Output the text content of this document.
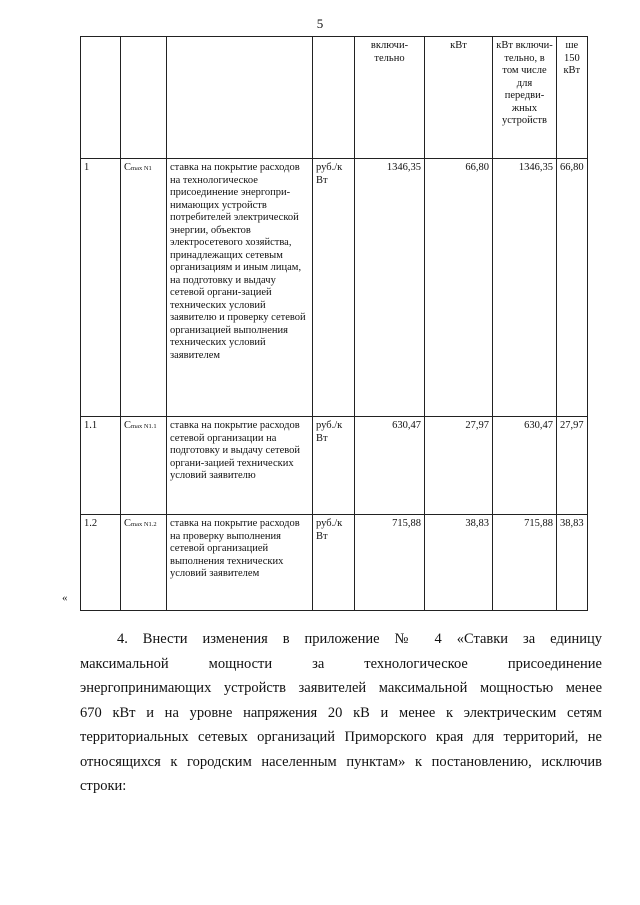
5
				включи-тельно	кВт	кВт включи-тельно, в том числе для передви-жных устройств	ше 150 кВт
1	Cmax N1	ставка на покрытие расходов на технологическое присоединение энергопри-нимающих устройств потребителей электрической энергии, объектов электросетевого хозяйства, принадлежащих сетевым организациям и иным лицам, на подготовку и выдачу сетевой органи-зацией технических условий заявителю и проверку сетевой организацией выполнения технических условий заявителем	руб./к Вт	1346,35	66,80	1346,35	66,80
1.1	Cmax N1.1	ставка на покрытие расходов сетевой организации на подготовку и выдачу сетевой органи-зацией технических условий заявителю	руб./к Вт	630,47	27,97	630,47	27,97
1.2	Cmax N1.2	ставка на покрытие расходов на проверку выполнения сетевой организацией выполнения технических условий заявителем	руб./к Вт	715,88	38,83	715,88	38,83
«

4. Внести изменения в приложение № 4 «Ставки за единицу

максимальной мощности за технологическое присоединение

энергопринимающих устройств заявителей максимальной мощностью менее

670 кВт и на уровне напряжения 20 кВ и менее к электрическим сетям

территориальных сетевых организаций Приморского края для территорий, не

относящихся к городским населенным пунктам» к постановлению, исключив

строки:
